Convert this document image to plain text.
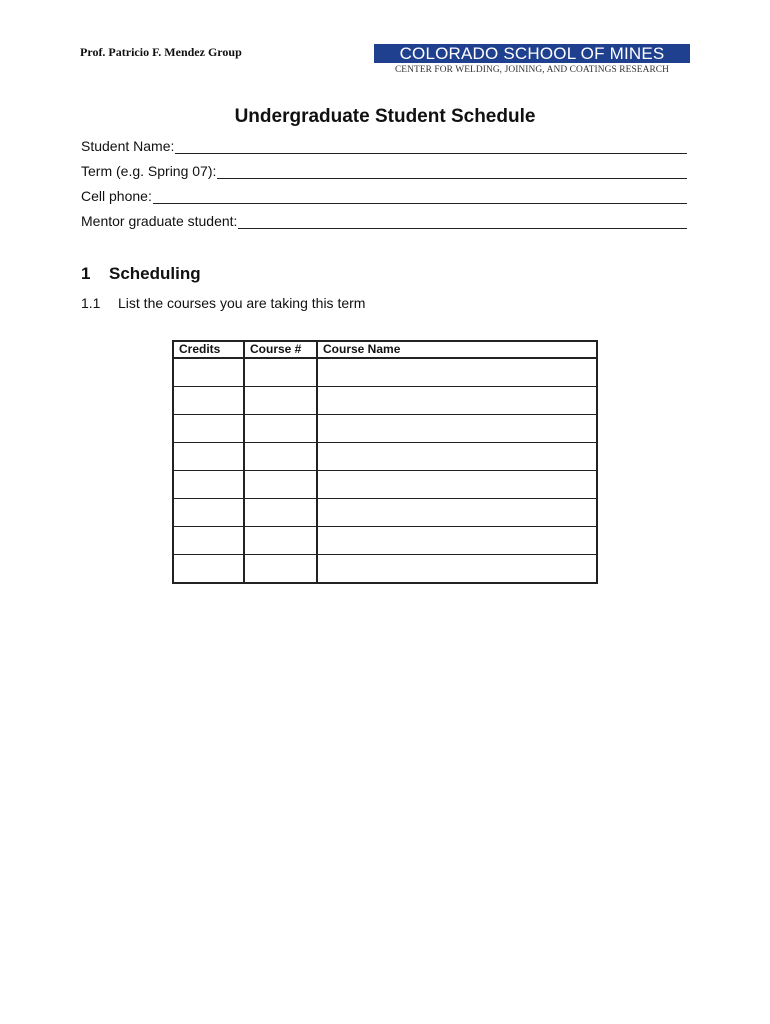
Prof. Patricio F. Mendez Group	COLORADO SCHOOL OF MINES
CENTER FOR WELDING, JOINING, AND COATINGS RESEARCH
Undergraduate Student Schedule
Student Name:
Term (e.g. Spring 07):
Cell phone:
Mentor graduate student:
1 Scheduling
1.1 List the courses you are taking this term
Credits	Course #	Course Name
